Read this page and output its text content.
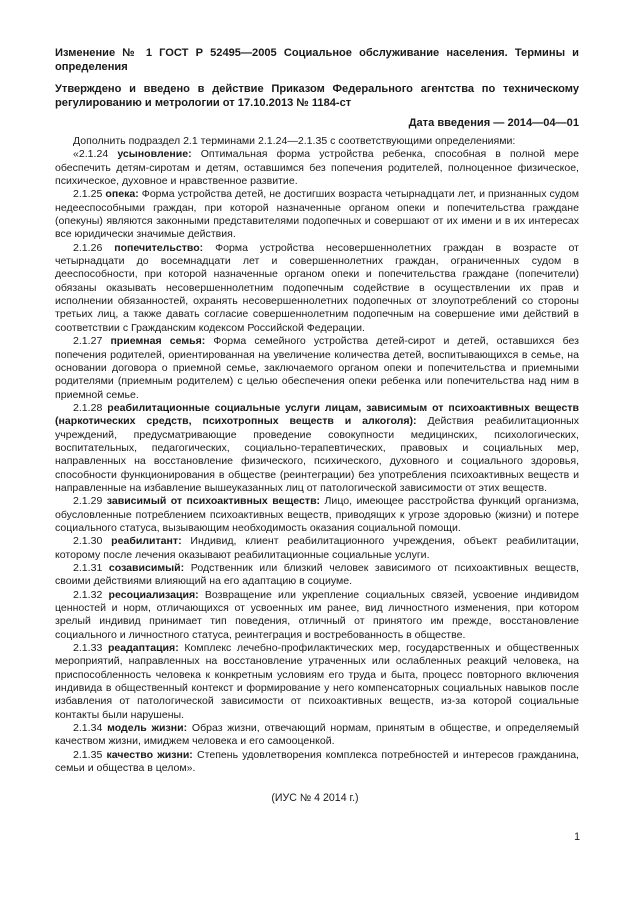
Изменение № 1 ГОСТ Р 52495—2005 Социальное обслуживание населения. Термины и определения

Утверждено и введено в действие Приказом Федерального агентства по техническому регулированию и метрологии от 17.10.2013 № 1184-ст

Дата введения — 2014—04—01

Дополнить подраздел 2.1 терминами 2.1.24—2.1.35 с соответствующими определениями:

«2.1.24 усыновление: Оптимальная форма устройства ребенка, способная в полной мере обеспечить детям-сиротам и детям, оставшимся без попечения родителей, полноценное физическое, психическое, духовное и нравственное развитие.

2.1.25 опека: Форма устройства детей, не достигших возраста четырнадцати лет, и признанных судом недееспособными граждан, при которой назначенные органом опеки и попечительства граждане (опекуны) являются законными представителями подопечных и совершают от их имени и в их интересах все юридически значимые действия.

2.1.26 попечительство: Форма устройства несовершеннолетних граждан в возрасте от четырнадцати до восемнадцати лет и совершеннолетних граждан, ограниченных судом в дееспособности, при которой назначенные органом опеки и попечительства граждане (попечители) обязаны оказывать несовершеннолетним подопечным содействие в осуществлении их прав и исполнении обязанностей, охранять несовершеннолетних подопечных от злоупотреблений со стороны третьих лиц, а также давать согласие совершеннолетним подопечным на совершение ими действий в соответствии с Гражданским кодексом Российской Федерации.

2.1.27 приемная семья: Форма семейного устройства детей-сирот и детей, оставшихся без попечения родителей, ориентированная на увеличение количества детей, воспитывающихся в семье, на основании договора о приемной семье, заключаемого органом опеки и попечительства и приемными родителями (приемным родителем) с целью обеспечения опеки ребенка или попечительства над ним в приемной семье.

2.1.28 реабилитационные социальные услуги лицам, зависимым от психоактивных веществ (наркотических средств, психотропных веществ и алкоголя): Действия реабилитационных учреждений, предусматривающие проведение совокупности медицинских, психологических, воспитательных, педагогических, социально-терапевтических, правовых и социальных мер, направленных на восстановление физического, психического, духовного и социального здоровья, способности функционирования в обществе (реинтеграции) без употребления психоактивных веществ и направленные на избавление вышеуказанных лиц от патологической зависимости от этих веществ.

2.1.29 зависимый от психоактивных веществ: Лицо, имеющее расстройства функций организма, обусловленные потреблением психоактивных веществ, приводящих к угрозе здоровью (жизни) и потере социального статуса, вызывающим необходимость оказания социальной помощи.

2.1.30 реабилитант: Индивид, клиент реабилитационного учреждения, объект реабилитации, которому после лечения оказывают реабилитационные социальные услуги.

2.1.31 созависимый: Родственник или близкий человек зависимого от психоактивных веществ, своими действиями влияющий на его адаптацию в социуме.

2.1.32 ресоциализация: Возвращение или укрепление социальных связей, усвоение индивидом ценностей и норм, отличающихся от усвоенных им ранее, вид личностного изменения, при котором зрелый индивид принимает тип поведения, отличный от принятого им прежде, восстановление социального и личностного статуса, реинтеграция и востребованность в обществе.

2.1.33 реадаптация: Комплекс лечебно-профилактических мер, государственных и общественных мероприятий, направленных на восстановление утраченных или ослабленных реакций человека, на приспособленность человека к конкретным условиям его труда и быта, процесс повторного включения индивида в общественный контекст и формирование у него компенсаторных социальных навыков после избавления от патологической зависимости от психоактивных веществ, из-за которой социальные контакты были нарушены.

2.1.34 модель жизни: Образ жизни, отвечающий нормам, принятым в обществе, и определяемый качеством жизни, имиджем человека и его самооценкой.

2.1.35 качество жизни: Степень удовлетворения комплекса потребностей и интересов гражданина, семьи и общества в целом».

(ИУС № 4 2014 г.)
1
